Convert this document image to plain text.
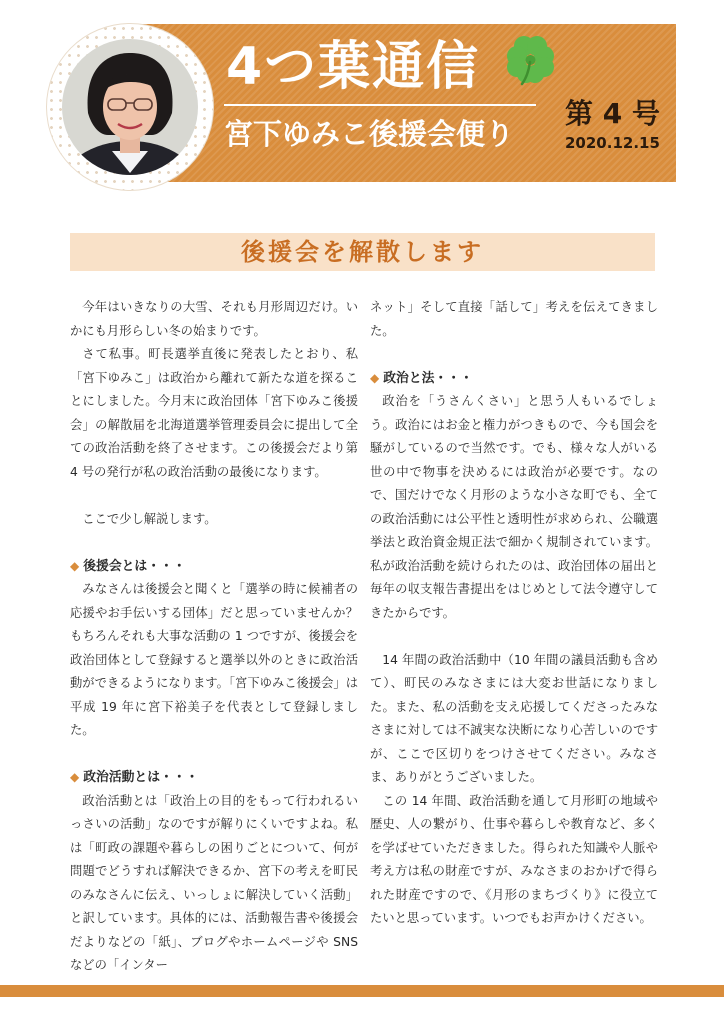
4つ葉通信
宮下ゆみこ後援会便り
第 4 号
2020.12.15
後援会を解散します

今年はいきなりの大雪、それも月形周辺だけ。いかにも月形らしい冬の始まりです。

さて私事。町長選挙直後に発表したとおり、私「宮下ゆみこ」は政治から離れて新たな道を探ることにしました。今月末に政治団体「宮下ゆみこ後援会」の解散届を北海道選挙管理委員会に提出して全ての政治活動を終了させます。この後援会だより第 4 号の発行が私の政治活動の最後になります。

ここで少し解説します。

◆ 後援会とは・・・

みなさんは後援会と聞くと「選挙の時に候補者の応援やお手伝いする団体」だと思っていませんか？　もちろんそれも大事な活動の 1 つですが、後援会を政治団体として登録すると選挙以外のときに政治活動ができるようになります。「宮下ゆみこ後援会」は平成 19 年に宮下裕美子を代表として登録しました。

◆ 政治活動とは・・・

政治活動とは「政治上の目的をもって行われるいっさいの活動」なのですが解りにくいですよね。私は「町政の課題や暮らしの困りごとについて、何が問題でどうすれば解決できるか、宮下の考えを町民のみなさんに伝え、いっしょに解決していく活動」と訳しています。具体的には、活動報告書や後援会だよりなどの「紙」、ブログやホームページや SNS などの「インター

ネット」そして直接「話して」考えを伝えてきました。

◆ 政治と法・・・

政治を「うさんくさい」と思う人もいるでしょう。政治にはお金と権力がつきもので、今も国会を騒がしているので当然です。でも、様々な人がいる世の中で物事を決めるには政治が必要です。なので、国だけでなく月形のような小さな町でも、全ての政治活動には公平性と透明性が求められ、公職選挙法と政治資金規正法で細かく規制されています。私が政治活動を続けられたのは、政治団体の届出と毎年の収支報告書提出をはじめとして法令遵守してきたからです。

14 年間の政治活動中（10 年間の議員活動も含めて）、町民のみなさまには大変お世話になりました。また、私の活動を支え応援してくださったみなさまに対しては不誠実な決断になり心苦しいのですが、ここで区切りをつけさせてください。みなさま、ありがとうございました。

この 14 年間、政治活動を通して月形町の地域や歴史、人の繋がり、仕事や暮らしや教育など、多くを学ばせていただきました。得られた知識や人脈や考え方は私の財産ですが、みなさまのおかげで得られた財産ですので、《月形のまちづくり》に役立てたいと思っています。いつでもお声かけください。
